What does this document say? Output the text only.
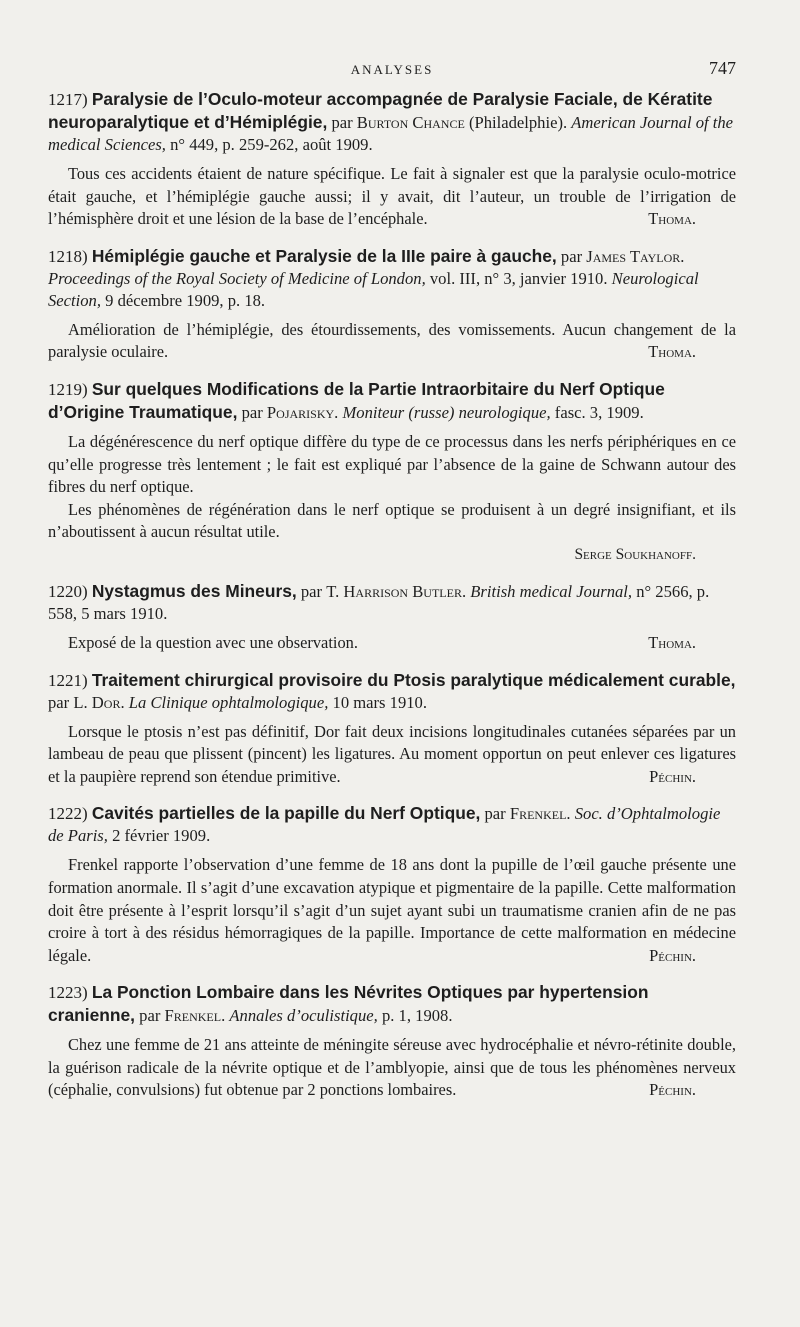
ANALYSES	747

1217) Paralysie de l’Oculo-moteur accompagnée de Paralysie Faciale, de Kératite neuroparalytique et d’Hémiplégie, par Burton Chance (Philadelphie). American Journal of the medical Sciences, n° 449, p. 259-262, août 1909.

Tous ces accidents étaient de nature spécifique. Le fait à signaler est que la paralysie oculo-motrice était gauche, et l’hémiplégie gauche aussi; il y avait, dit l’auteur, un trouble de l’irrigation de l’hémisphère droit et une lésion de la base de l’encéphale.	Thoma.

1218) Hémiplégie gauche et Paralysie de la IIIe paire à gauche, par James Taylor. Proceedings of the Royal Society of Medicine of London, vol. III, n° 3, janvier 1910. Neurological Section, 9 décembre 1909, p. 18.

Amélioration de l’hémiplégie, des étourdissements, des vomissements. Aucun changement de la paralysie oculaire.	Thoma.

1219) Sur quelques Modifications de la Partie Intraorbitaire du Nerf Optique d’Origine Traumatique, par Pojarisky. Moniteur (russe) neurologique, fasc. 3, 1909.

La dégénérescence du nerf optique diffère du type de ce processus dans les nerfs périphériques en ce qu’elle progresse très lentement ; le fait est expliqué par l’absence de la gaine de Schwann autour des fibres du nerf optique.

Les phénomènes de régénération dans le nerf optique se produisent à un degré insignifiant, et ils n’aboutissent à aucun résultat utile.

Serge Soukhanoff.

1220) Nystagmus des Mineurs, par T. Harrison Butler. British medical Journal, n° 2566, p. 558, 5 mars 1910.

Exposé de la question avec une observation.	Thoma.

1221) Traitement chirurgical provisoire du Ptosis paralytique médicalement curable, par L. Dor. La Clinique ophtalmologique, 10 mars 1910.

Lorsque le ptosis n’est pas définitif, Dor fait deux incisions longitudinales cutanées séparées par un lambeau de peau que plissent (pincent) les ligatures. Au moment opportun on peut enlever ces ligatures et la paupière reprend son étendue primitive.	Péchin.

1222) Cavités partielles de la papille du Nerf Optique, par Frenkel. Soc. d’Ophtalmologie de Paris, 2 février 1909.

Frenkel rapporte l’observation d’une femme de 18 ans dont la pupille de l’œil gauche présente une formation anormale. Il s’agit d’une excavation atypique et pigmentaire de la papille. Cette malformation doit être présente à l’esprit lorsqu’il s’agit d’un sujet ayant subi un traumatisme cranien afin de ne pas croire à tort à des résidus hémorragiques de la papille. Importance de cette malformation en médecine légale.	Péchin.

1223) La Ponction Lombaire dans les Névrites Optiques par hypertension cranienne, par Frenkel. Annales d’oculistique, p. 1, 1908.

Chez une femme de 21 ans atteinte de méningite séreuse avec hydrocéphalie et névro-rétinite double, la guérison radicale de la névrite optique et de l’amblyopie, ainsi que de tous les phénomènes nerveux (céphalie, convulsions) fut obtenue par 2 ponctions lombaires.	Péchin.
